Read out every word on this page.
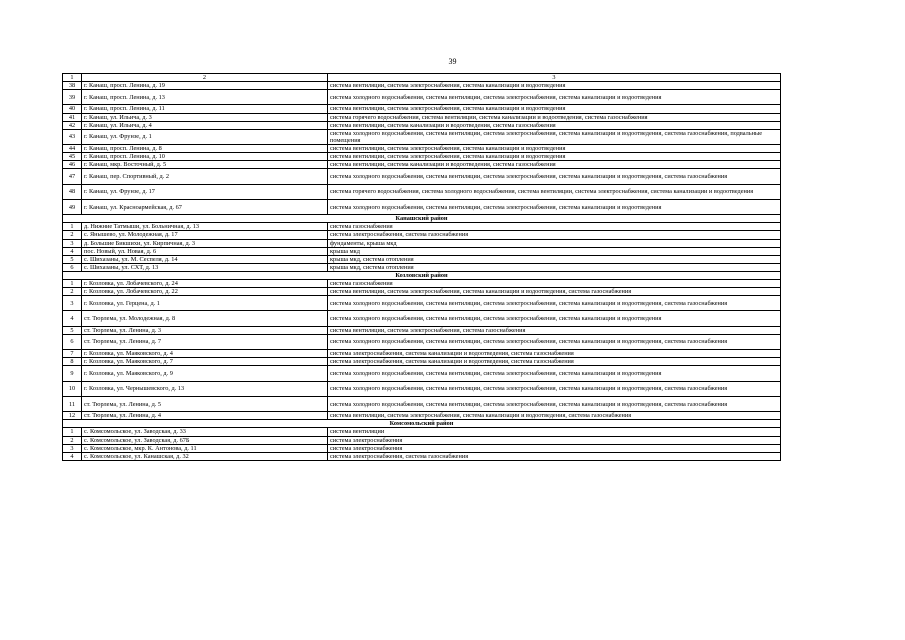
39
1	2	3
38	г. Канаш, просп. Ленина, д. 19	система вентиляции, система электроснабжения, система канализации и водоотведения
39	г. Канаш, просп. Ленина, д. 13	система холодного водоснабжения, система вентиляции, система электроснабжения, система канализации и водоотведения
40	г. Канаш, просп. Ленина, д. 11	система вентиляции, система электроснабжения, система канализации и водоотведения
41	г. Канаш, ул. Ильича, д. 3	система горячего водоснабжения, система вентиляции, система канализации и водоотведения, система газоснабжения
42	г. Канаш, ул. Ильича, д. 4	система вентиляции, система канализации и водоотведения, система газоснабжения
43	г. Канаш, ул. Фрунзе, д. 1	система холодного водоснабжения, система вентиляции, система электроснабжения, система канализации и водоотведения, система газоснабжения, подвальные помещения
44	г. Канаш, просп. Ленина, д. 8	система вентиляции, система электроснабжения, система канализации и водоотведения
45	г. Канаш, просп. Ленина, д. 10	система вентиляции, система электроснабжения, система канализации и водоотведения
46	г. Канаш, мкр. Восточный, д. 5	система вентиляции, система канализации и водоотведения, система газоснабжения
47	г. Канаш, пер. Спортивный, д. 2	система холодного водоснабжения, система вентиляции, система электроснабжения, система канализации и водоотведения, система газоснабжения
48	г. Канаш, ул. Фрунзе, д. 17	система горячего водоснабжения, система холодного водоснабжения, система вентиляции, система электроснабжения, система канализации и водоотведения
49	г. Канаш, ул. Красноармейская, д. 67	система холодного водоснабжения, система вентиляции, система электроснабжения, система канализации и водоотведения
Канашский район		
1	д. Нижние Татмыши, ул. Больничная, д. 13	система газоснабжения
2	с. Янышево, ул. Молодежная, д. 17	система электроснабжения, система газоснабжения
3	д. Большие Бикшихи, ул. Кирпичная, д. 3	фундаменты, крыша мкд
4	пос. Новый, ул. Новая, д. 6	крыша мкд
5	с. Шихазаны, ул. М. Сеспеля, д. 14	крыша мкд, система отопления
6	с. Шихазаны, ул. СХТ, д. 13	крыша мкд, система отопления
Козловский район		
1	г. Козловка, ул. Лобачевского, д. 24	система газоснабжения
2	г. Козловка, ул. Лобачевского, д. 22	система вентиляции, система электроснабжения, система канализации и водоотведения, система газоснабжения
3	г. Козловка, ул. Герцена, д. 1	система холодного водоснабжения, система вентиляции, система электроснабжения, система канализации и водоотведения, система газоснабжения
4	ст. Тюрлема, ул. Молодежная, д. 8	система холодного водоснабжения, система вентиляции, система электроснабжения, система канализации и водоотведения
5	ст. Тюрлема, ул. Ленина, д. 3	система вентиляции, система электроснабжения, система газоснабжения
6	ст. Тюрлема, ул. Ленина, д. 7	система холодного водоснабжения, система вентиляции, система электроснабжения, система канализации и водоотведения, система газоснабжения
7	г. Козловка, ул. Маяковского, д. 4	система электроснабжения, система канализации и водоотведения, система газоснабжения
8	г. Козловка, ул. Маяковского, д. 7	система электроснабжения, система канализации и водоотведения, система газоснабжения
9	г. Козловка, ул. Маяковского, д. 9	система холодного водоснабжения, система вентиляции, система электроснабжения, система канализации и водоотведения
10	г. Козловка, ул. Чернышевского, д. 13	система холодного водоснабжения, система вентиляции, система электроснабжения, система канализации и водоотведения, система газоснабжения
11	ст. Тюрлема, ул. Ленина, д. 5	система холодного водоснабжения, система вентиляции, система электроснабжения, система канализации и водоотведения, система газоснабжения
12	ст. Тюрлема, ул. Ленина, д. 4	система вентиляции, система электроснабжения, система канализации и водоотведения, система газоснабжения
Комсомольский район		
1	с. Комсомольское, ул. Заводская, д. 33	система вентиляции
2	с. Комсомольское, ул. Заводская, д. 67Б	система электроснабжения
3	с. Комсомольское, мкр. К. Антонова, д. 11	система электроснабжения
4	с. Комсомольское, ул. Канашская, д. 32	система электроснабжения, система газоснабжения
